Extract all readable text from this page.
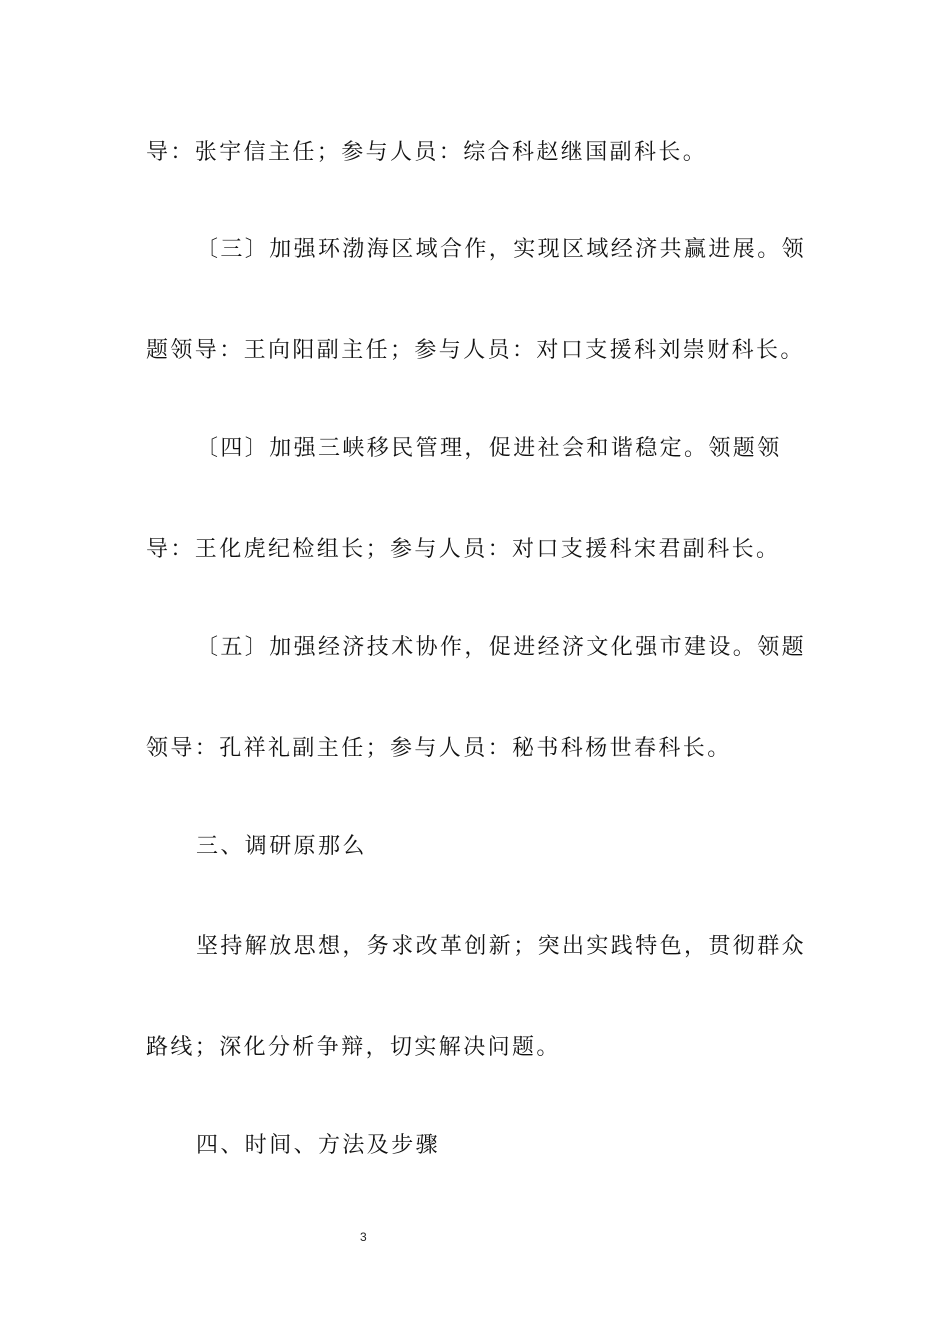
导：张宇信主任；参与人员：综合科赵继国副科长。
〔三〕加强环渤海区域合作，实现区域经济共赢进展。领
题领导：王向阳副主任；参与人员：对口支援科刘崇财科长。
〔四〕加强三峡移民管理，促进社会和谐稳定。领题领
导：王化虎纪检组长；参与人员：对口支援科宋君副科长。
〔五〕加强经济技术协作，促进经济文化强市建设。领题
领导：孔祥礼副主任；参与人员：秘书科杨世春科长。
三、调研原那么
坚持解放思想，务求改革创新；突出实践特色，贯彻群众
路线；深化分析争辩，切实解决问题。
四、时间、方法及步骤
3
